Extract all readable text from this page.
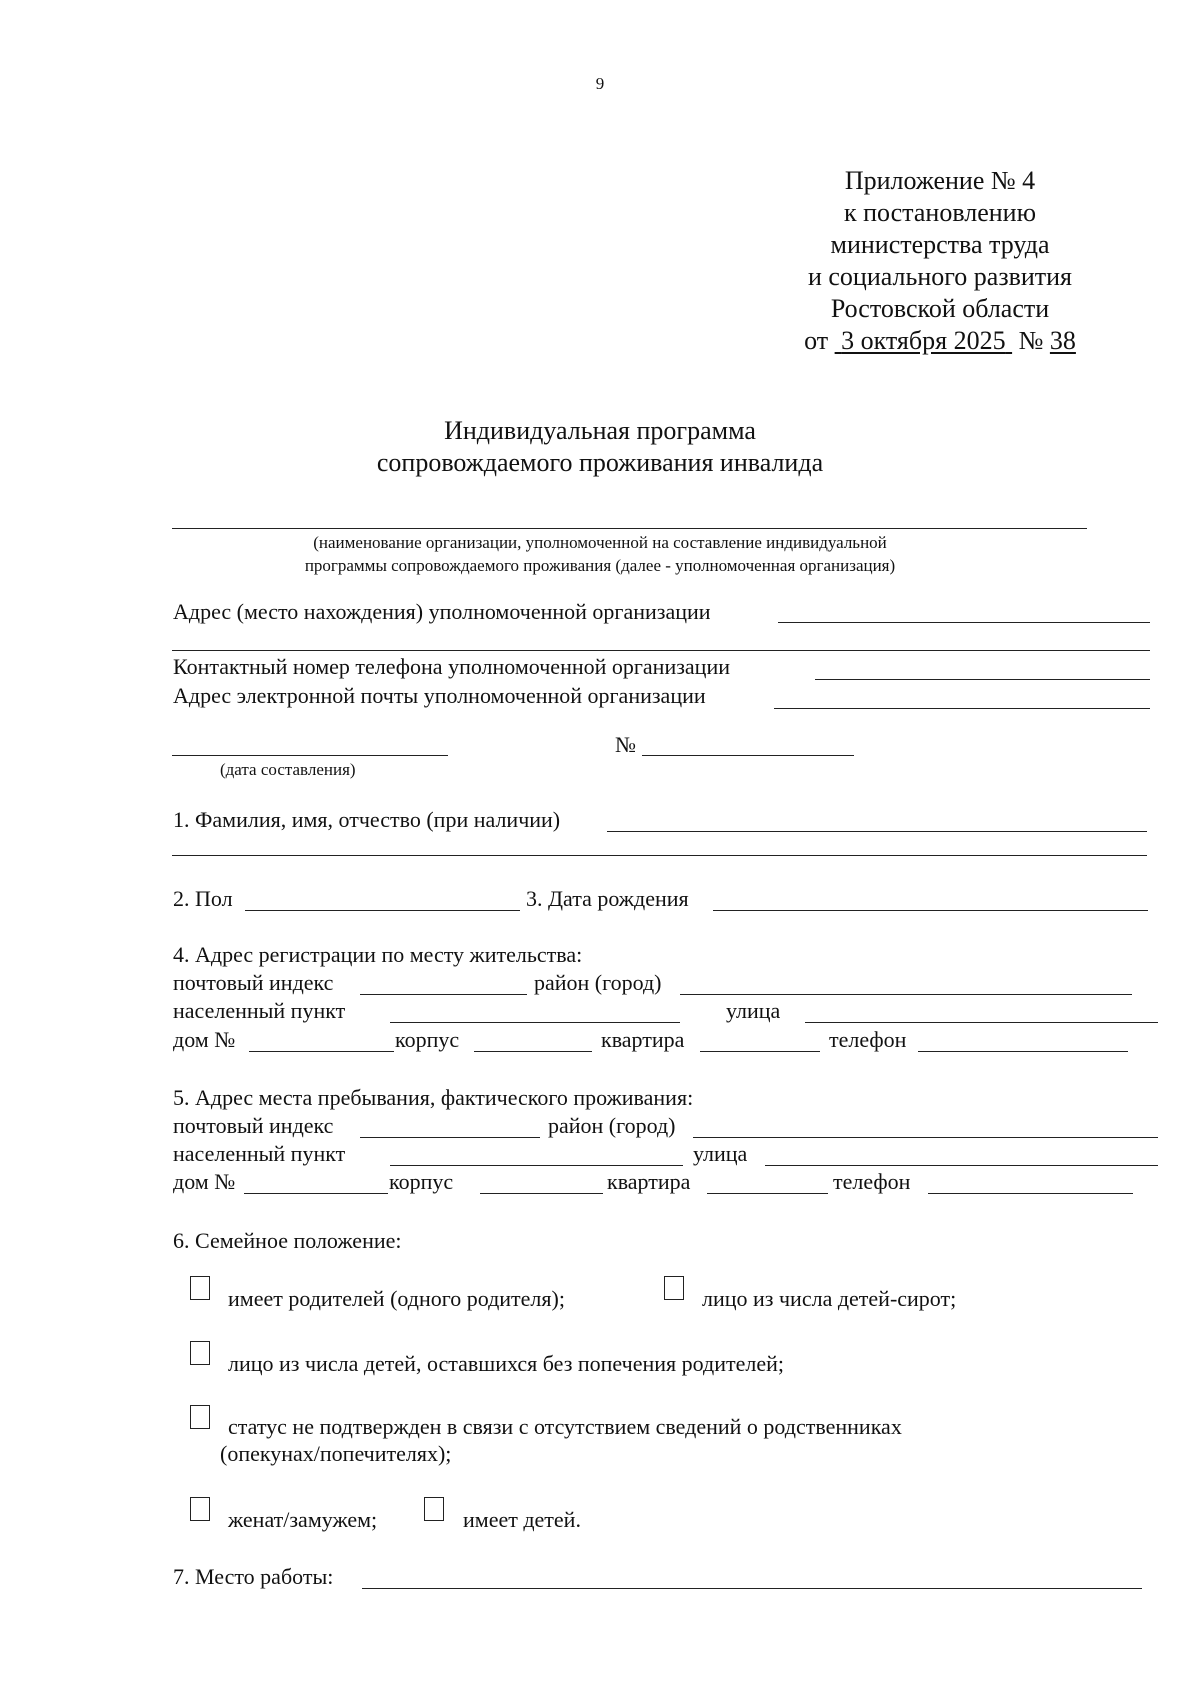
9
Приложение № 4
к постановлению
министерства труда
и социального развития
Ростовской области
от 3 октября 2025 № 38
Индивидуальная программа
сопровождаемого проживания инвалида
(наименование организации, уполномоченной на составление индивидуальной
программы сопровождаемого проживания (далее - уполномоченная организация)
Адрес (место нахождения) уполномоченной организации
Контактный номер телефона уполномоченной организации
Адрес электронной почты уполномоченной организации
№
(дата составления)
1. Фамилия, имя, отчество (при наличии)
2. Пол	3. Дата рождения
4. Адрес регистрации по месту жительства:
почтовый индекс	район (город)
населенный пункт	улица
дом №	корпус	квартира	телефон
5. Адрес места пребывания, фактического проживания:
почтовый индекс	район (город)
населенный пункт	улица
дом №	корпус	квартира	телефон
6. Семейное положение:
имеет родителей (одного родителя);	лицо из числа детей-сирот;
лицо из числа детей, оставшихся без попечения родителей;
статус не подтвержден в связи с отсутствием сведений о родственниках
(опекунах/попечителях);
женат/замужем;	имеет детей.
7. Место работы:
